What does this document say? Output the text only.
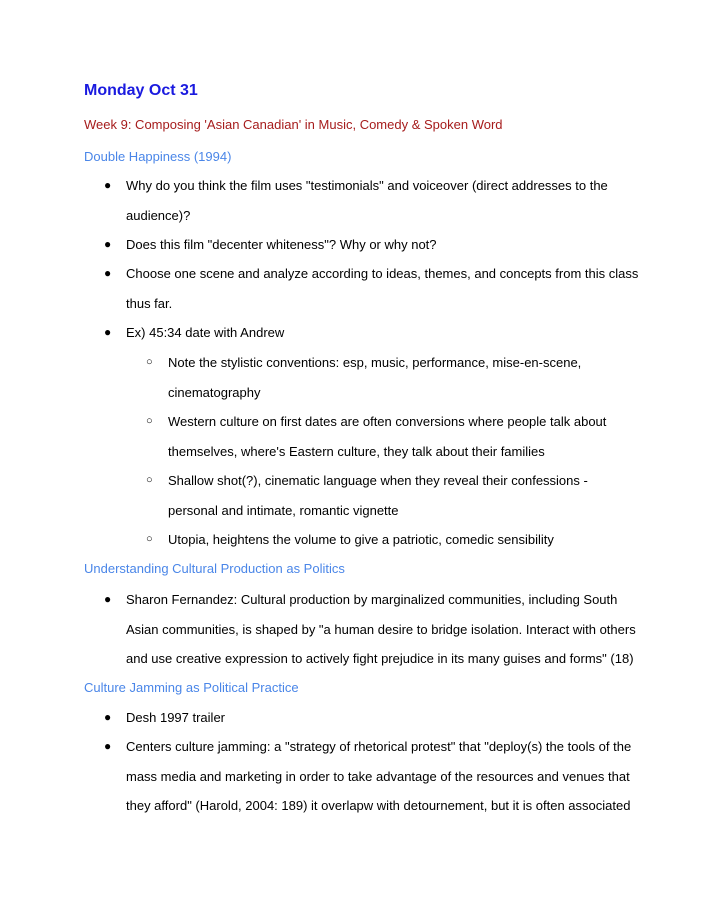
Monday Oct 31
Week 9: Composing 'Asian Canadian' in Music, Comedy & Spoken Word
Double Happiness (1994)
● Why do you think the film uses "testimonials" and voiceover (direct addresses to the audience)?
● Does this film "decenter whiteness"? Why or why not?
● Choose one scene and analyze according to ideas, themes, and concepts from this class thus far.
● Ex) 45:34 date with Andrew
○ Note the stylistic conventions: esp, music, performance, mise-en-scene, cinematography
○ Western culture on first dates are often conversions where people talk about themselves, where's Eastern culture, they talk about their families
○ Shallow shot(?), cinematic language when they reveal their confessions - personal and intimate, romantic vignette
○ Utopia, heightens the volume to give a patriotic, comedic sensibility
Understanding Cultural Production as Politics
● Sharon Fernandez: Cultural production by marginalized communities, including South Asian communities, is shaped by "a human desire to bridge isolation. Interact with others and use creative expression to actively fight prejudice in its many guises and forms" (18)
Culture Jamming as Political Practice
● Desh 1997 trailer
● Centers culture jamming: a "strategy of rhetorical protest" that "deploy(s) the tools of the mass media and marketing in order to take advantage of the resources and venues that they afford" (Harold, 2004: 189) it overlapw with detournement, but it is often associated
